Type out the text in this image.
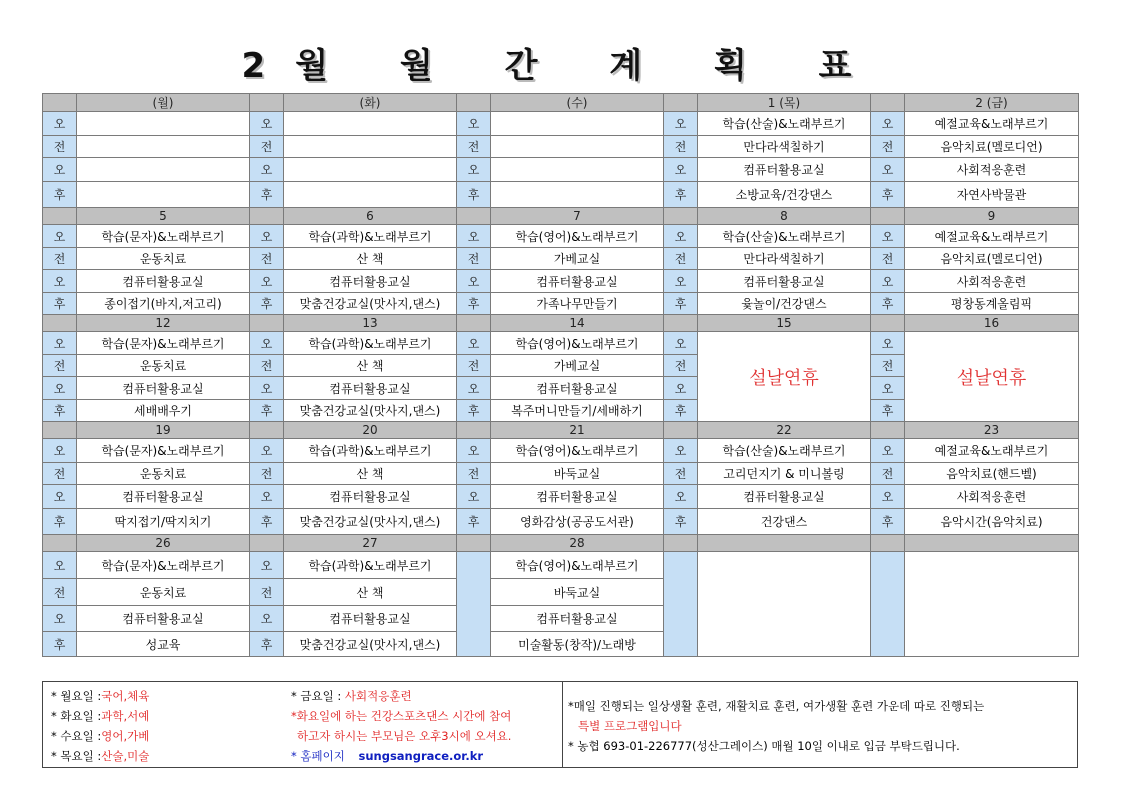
2월 월 간 계 획 표
	(월)		(화)		(수)		1 (목)		2 (금)
오		오		오		오	학습(산술)&노래부르기	오	예절교육&노래부르기
전		전		전		전	만다라색칠하기	전	음악치료(멜로디언)
오		오		오		오	컴퓨터활용교실	오	사회적응훈련
후		후		후		후	소방교육/건강댄스	후	자연사박물관
	5		6		7		8		9
오	학습(문자)&노래부르기	오	학습(과학)&노래부르기	오	학습(영어)&노래부르기	오	학습(산술)&노래부르기	오	예절교육&노래부르기
전	운동치료	전	산 책	전	가베교실	전	만다라색칠하기	전	음악치료(멜로디언)
오	컴퓨터활용교실	오	컴퓨터활용교실	오	컴퓨터활용교실	오	컴퓨터활용교실	오	사회적응훈련
후	종이접기(바지,저고리)	후	맞춤건강교실(맛사지,댄스)	후	가족나무만들기	후	윷놀이/건강댄스	후	평창동계올림픽
	12		13		14		15		16
오	학습(문자)&노래부르기	오	학습(과학)&노래부르기	오	학습(영어)&노래부르기	오	설날연휴	오	설날연휴
전	운동치료	전	산 책	전	가베교실	전		전	
오	컴퓨터활용교실	오	컴퓨터활용교실	오	컴퓨터활용교실	오		오	
후	세배배우기	후	맞춤건강교실(맛사지,댄스)	후	복주머니만들기/세배하기	후		후	
	19		20		21		22		23
오	학습(문자)&노래부르기	오	학습(과학)&노래부르기	오	학습(영어)&노래부르기	오	학습(산술)&노래부르기	오	예절교육&노래부르기
전	운동치료	전	산 책	전	바둑교실	전	고리던지기 & 미니볼링	전	음악치료(핸드벨)
오	컴퓨터활용교실	오	컴퓨터활용교실	오	컴퓨터활용교실	오	컴퓨터활용교실	오	사회적응훈련
후	딱지접기/딱지치기	후	맞춤건강교실(맛사지,댄스)	후	영화감상(공공도서관)	후	건강댄스	후	음악시간(음악치료)
	26		27		28				
오	학습(문자)&노래부르기	오	학습(과학)&노래부르기		학습(영어)&노래부르기				
전	운동치료	전	산 책		바둑교실				
오	컴퓨터활용교실	오	컴퓨터활용교실		컴퓨터활용교실				
후	성교육	후	맞춤건강교실(맛사지,댄스)		미술활동(창작)/노래방				
* 월요일 :국어,체육
* 화요일 :과학,서예
* 수요일 :영어,가베
* 목요일 :산술,미술
* 금요일 : 사회적응훈련
*화요일에 하는 건강스포츠댄스 시간에 참여
하고자 하시는 부모님은 오후3시에 오셔요.
* 홈페이지 sungsangrace.or.kr
*매일 진행되는 일상생활 훈련, 재활치료 훈련, 여가생활 훈련 가운데 따로 진행되는
특별 프로그램입니다
* 농협 693-01-226777(성산그레이스) 매월 10일 이내로 입금 부탁드립니다.
